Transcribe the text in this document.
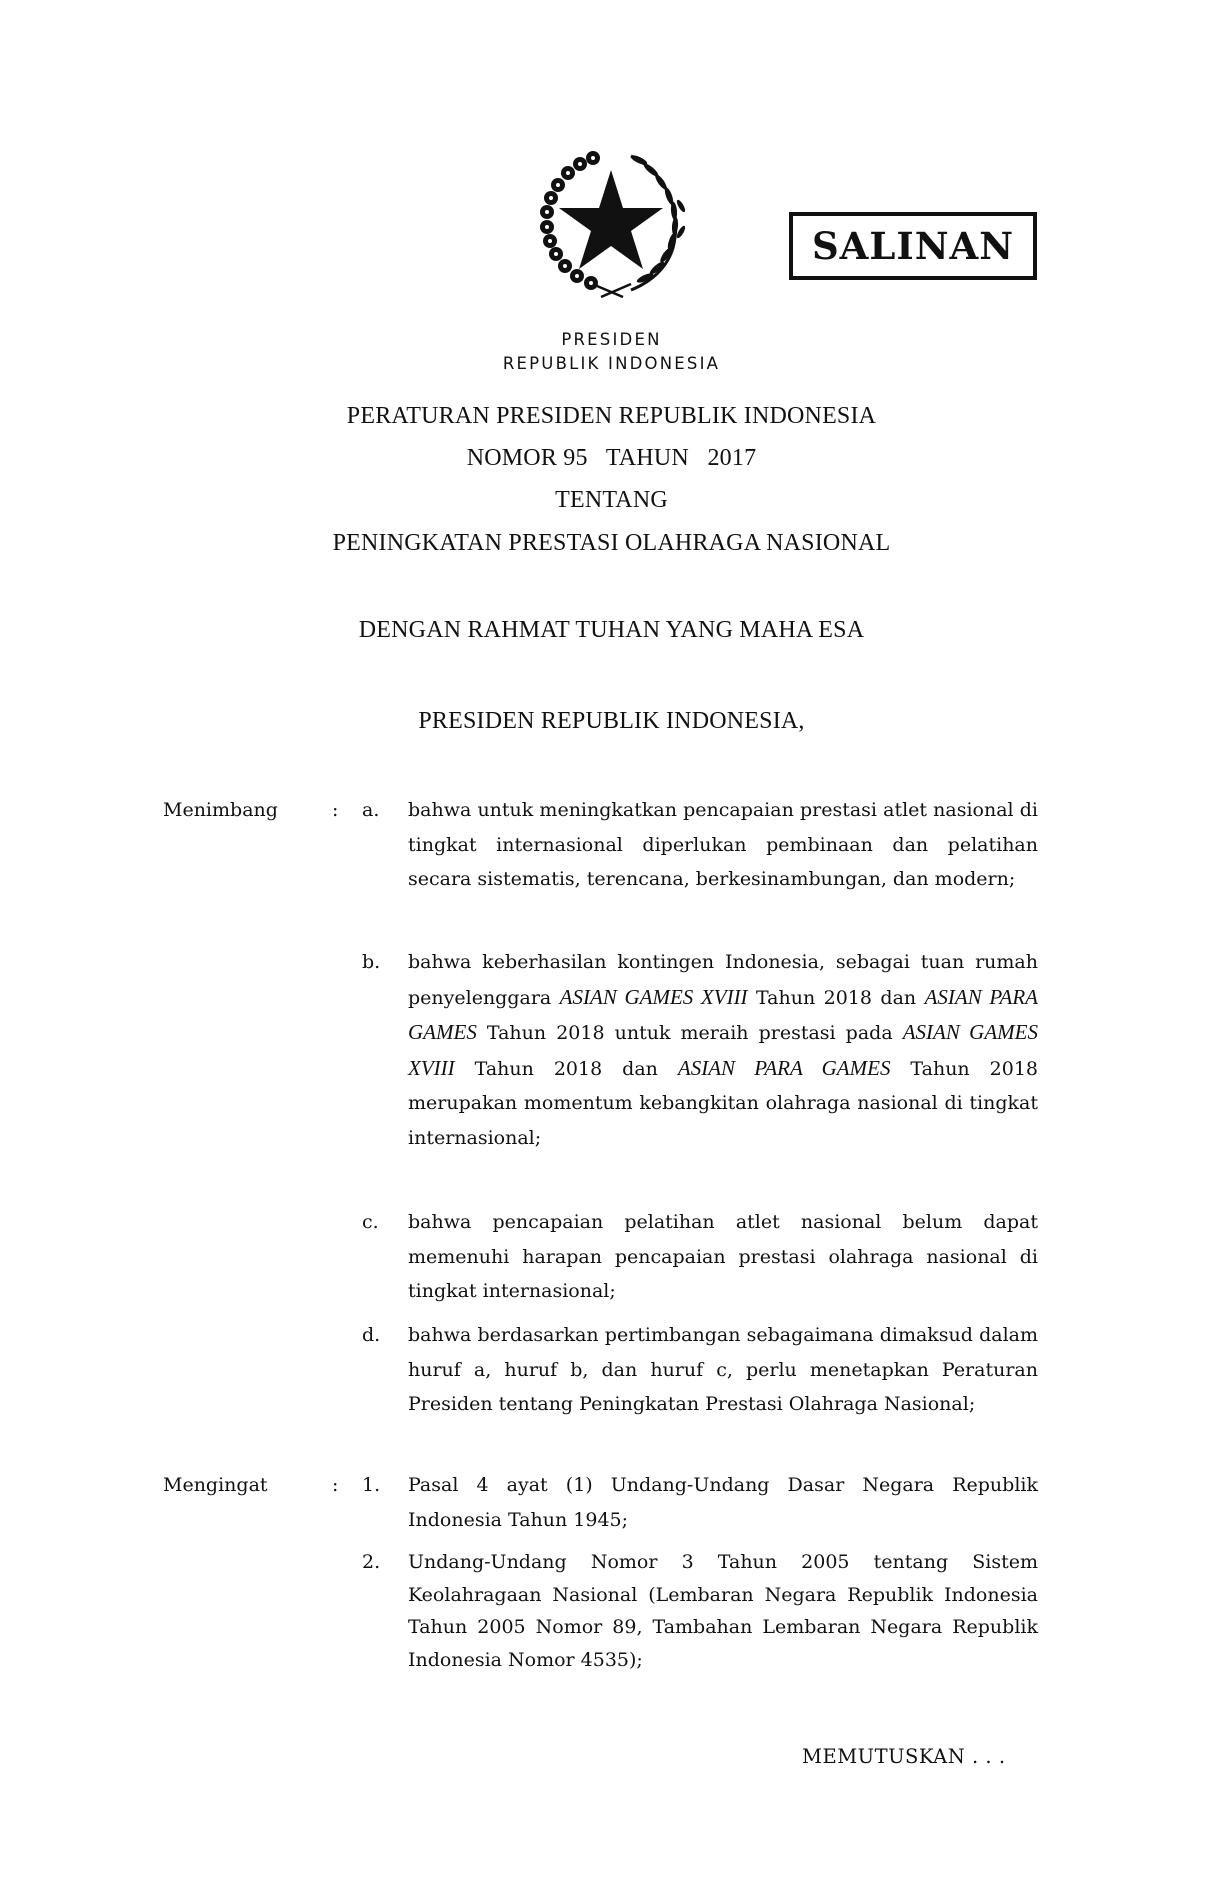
SALINAN
PRESIDEN
REPUBLIK INDONESIA
PERATURAN PRESIDEN REPUBLIK INDONESIA
NOMOR 95   TAHUN   2017
TENTANG
PENINGKATAN PRESTASI OLAHRAGA NASIONAL
DENGAN RAHMAT TUHAN YANG MAHA ESA
PRESIDEN REPUBLIK INDONESIA,
Menimbang	: a.	bahwa untuk meningkatkan pencapaian prestasi atlet nasional di tingkat internasional diperlukan pembinaan dan pelatihan secara sistematis, terencana, berkesinambungan, dan modern;
b.	bahwa keberhasilan kontingen Indonesia, sebagai tuan rumah penyelenggara ASIAN GAMES XVIII Tahun 2018 dan ASIAN PARA GAMES Tahun 2018 untuk meraih prestasi pada ASIAN GAMES XVIII Tahun 2018 dan ASIAN PARA GAMES Tahun 2018 merupakan momentum kebangkitan olahraga nasional di tingkat internasional;
c.	bahwa pencapaian pelatihan atlet nasional belum dapat memenuhi harapan pencapaian prestasi olahraga nasional di tingkat internasional;
d.	bahwa berdasarkan pertimbangan sebagaimana dimaksud dalam huruf a, huruf b, dan huruf c, perlu menetapkan Peraturan Presiden tentang Peningkatan Prestasi Olahraga Nasional;
Mengingat	: 1.	Pasal 4 ayat (1) Undang-Undang Dasar Negara Republik Indonesia Tahun 1945;
2.	Undang-Undang Nomor 3 Tahun 2005 tentang Sistem Keolahragaan Nasional (Lembaran Negara Republik Indonesia Tahun 2005 Nomor 89, Tambahan Lembaran Negara Republik Indonesia Nomor 4535);
MEMUTUSKAN . . .
